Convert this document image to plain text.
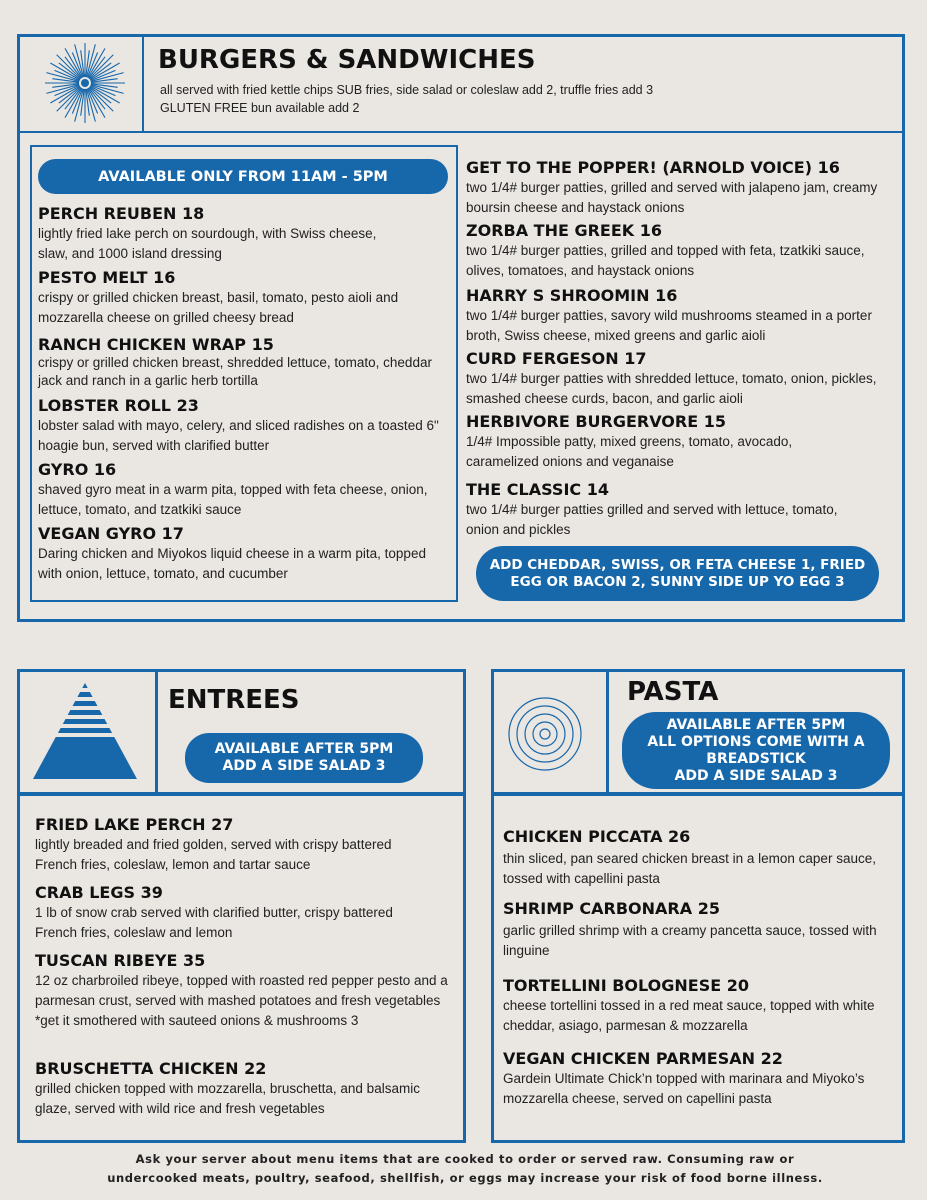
BURGERS & SANDWICHES
all served with fried kettle chips SUB fries, side salad or coleslaw add 2, truffle fries add 3
GLUTEN FREE bun available add 2
AVAILABLE ONLY FROM 11AM - 5PM
PERCH REUBEN 18
lightly fried lake perch on sourdough, with Swiss cheese, slaw, and 1000 island dressing
PESTO MELT 16
crispy or grilled chicken breast, basil, tomato, pesto aioli and mozzarella cheese on grilled cheesy bread
RANCH CHICKEN WRAP 15
crispy or grilled chicken breast, shredded lettuce, tomato, cheddar jack and ranch in a garlic herb tortilla
LOBSTER ROLL 23
lobster salad with mayo, celery, and sliced radishes on a toasted 6" hoagie bun, served with clarified butter
GYRO 16
shaved gyro meat in a warm pita, topped with feta cheese, onion, lettuce, tomato, and tzatkiki sauce
VEGAN GYRO 17
Daring chicken and Miyokos liquid cheese in a warm pita, topped with onion, lettuce, tomato, and cucumber
GET TO THE POPPER! (ARNOLD VOICE) 16
two 1/4# burger patties, grilled and served with jalapeno jam, creamy boursin cheese and haystack onions
ZORBA THE GREEK 16
two 1/4# burger patties, grilled and topped with feta, tzatkiki sauce, olives, tomatoes, and haystack onions
HARRY S SHROOMIN 16
two 1/4# burger patties, savory wild mushrooms steamed in a porter broth, Swiss cheese, mixed greens and garlic aioli
CURD FERGESON 17
two 1/4# burger patties with shredded lettuce, tomato, onion, pickles, smashed cheese curds, bacon, and garlic aioli
HERBIVORE BURGERVORE 15
1/4# Impossible patty, mixed greens, tomato, avocado, caramelized onions and veganaise
THE CLASSIC 14
two 1/4# burger patties grilled and served with lettuce, tomato, onion and pickles
ADD CHEDDAR, SWISS, OR FETA CHEESE 1, FRIED
EGG OR BACON 2, SUNNY SIDE UP YO EGG 3
ENTREES
AVAILABLE AFTER 5PM
ADD A SIDE SALAD 3
FRIED LAKE PERCH 27
lightly breaded and fried golden, served with crispy battered French fries, coleslaw, lemon and tartar sauce
CRAB LEGS 39
1 lb of snow crab served with clarified butter, crispy battered French fries, coleslaw and lemon
TUSCAN RIBEYE 35
12 oz charbroiled ribeye, topped with roasted red pepper pesto and a parmesan crust, served with mashed potatoes and fresh vegetables
*get it smothered with sauteed onions & mushrooms 3
BRUSCHETTA CHICKEN 22
grilled chicken topped with mozzarella, bruschetta, and balsamic glaze, served with wild rice and fresh vegetables
PASTA
AVAILABLE AFTER 5PM
ALL OPTIONS COME WITH A
BREADSTICK
ADD A SIDE SALAD 3
CHICKEN PICCATA 26
thin sliced, pan seared chicken breast in a lemon caper sauce, tossed with capellini pasta
SHRIMP CARBONARA 25
garlic grilled shrimp with a creamy pancetta sauce, tossed with linguine
TORTELLINI BOLOGNESE 20
cheese tortellini tossed in a red meat sauce, topped with white cheddar, asiago, parmesan & mozzarella
VEGAN CHICKEN PARMESAN 22
Gardein Ultimate Chick’n topped with marinara and Miyoko’s mozzarella cheese, served on capellini pasta
Ask your server about menu items that are cooked to order or served raw. Consuming raw or
undercooked meats, poultry, seafood, shellfish, or eggs may increase your risk of food borne illness.
